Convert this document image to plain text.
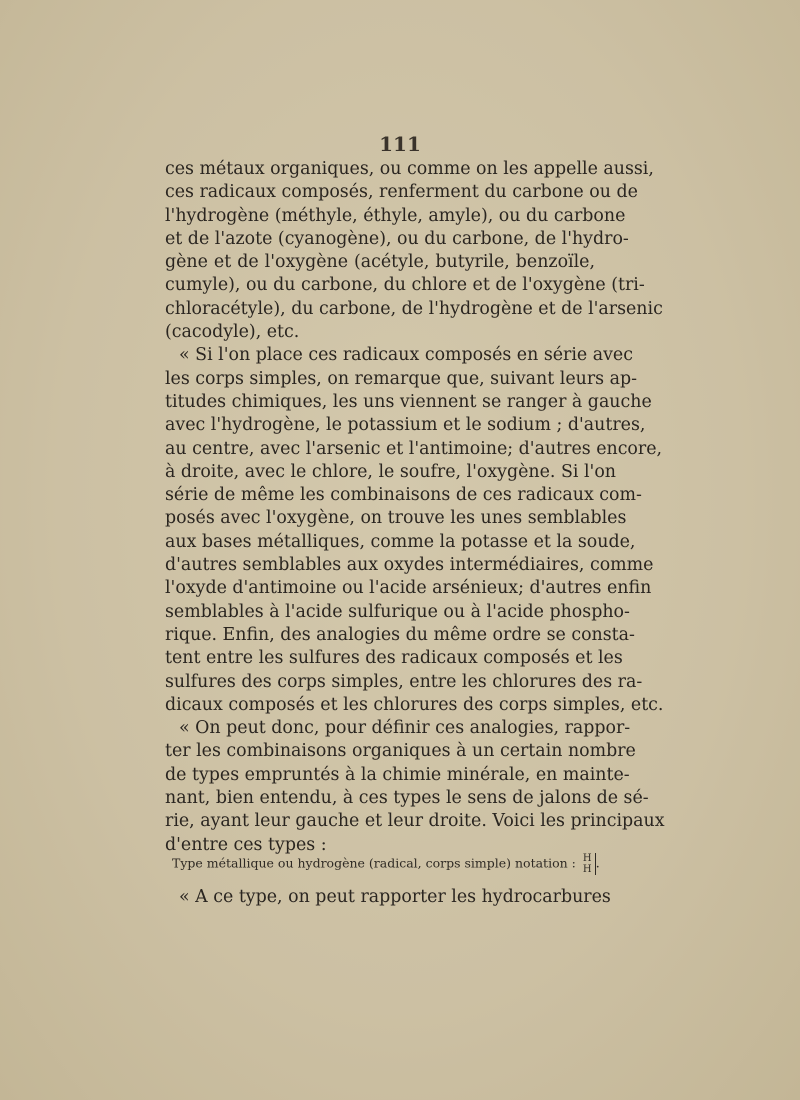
111
ces métaux organiques, ou comme on les appelle aussi,
ces radicaux composés, renferment du carbone ou de
l'hydrogène (méthyle, éthyle, amyle), ou du carbone
et de l'azote (cyanogène), ou du carbone, de l'hydro-
gène et de l'oxygène (acétyle, butyrile, benzoïle,
cumyle), ou du carbone, du chlore et de l'oxygène (tri-
chloracétyle), du carbone, de l'hydrogène et de l'arsenic
(cacodyle), etc.
« Si l'on place ces radicaux composés en série avec
les corps simples, on remarque que, suivant leurs ap-
titudes chimiques, les uns viennent se ranger à gauche
avec l'hydrogène, le potassium et le sodium ; d'autres,
au centre, avec l'arsenic et l'antimoine; d'autres encore,
à droite, avec le chlore, le soufre, l'oxygène. Si l'on
série de même les combinaisons de ces radicaux com-
posés avec l'oxygène, on trouve les unes semblables
aux bases métalliques, comme la potasse et la soude,
d'autres semblables aux oxydes intermédiaires, comme
l'oxyde d'antimoine ou l'acide arsénieux; d'autres enfin
semblables à l'acide sulfurique ou à l'acide phospho-
rique. Enfin, des analogies du même ordre se consta-
tent entre les sulfures des radicaux composés et les
sulfures des corps simples, entre les chlorures des ra-
dicaux composés et les chlorures des corps simples, etc.
« On peut donc, pour définir ces analogies, rappor-
ter les combinaisons organiques à un certain nombre
de types empruntés à la chimie minérale, en mainte-
nant, bien entendu, à ces types le sens de jalons de sé-
rie, ayant leur gauche et leur droite. Voici les principaux
d'entre ces types :
Type métallique ou hydrogène (radical, corps simple) notation : H
H .
« A ce type, on peut rapporter les hydrocarbures
